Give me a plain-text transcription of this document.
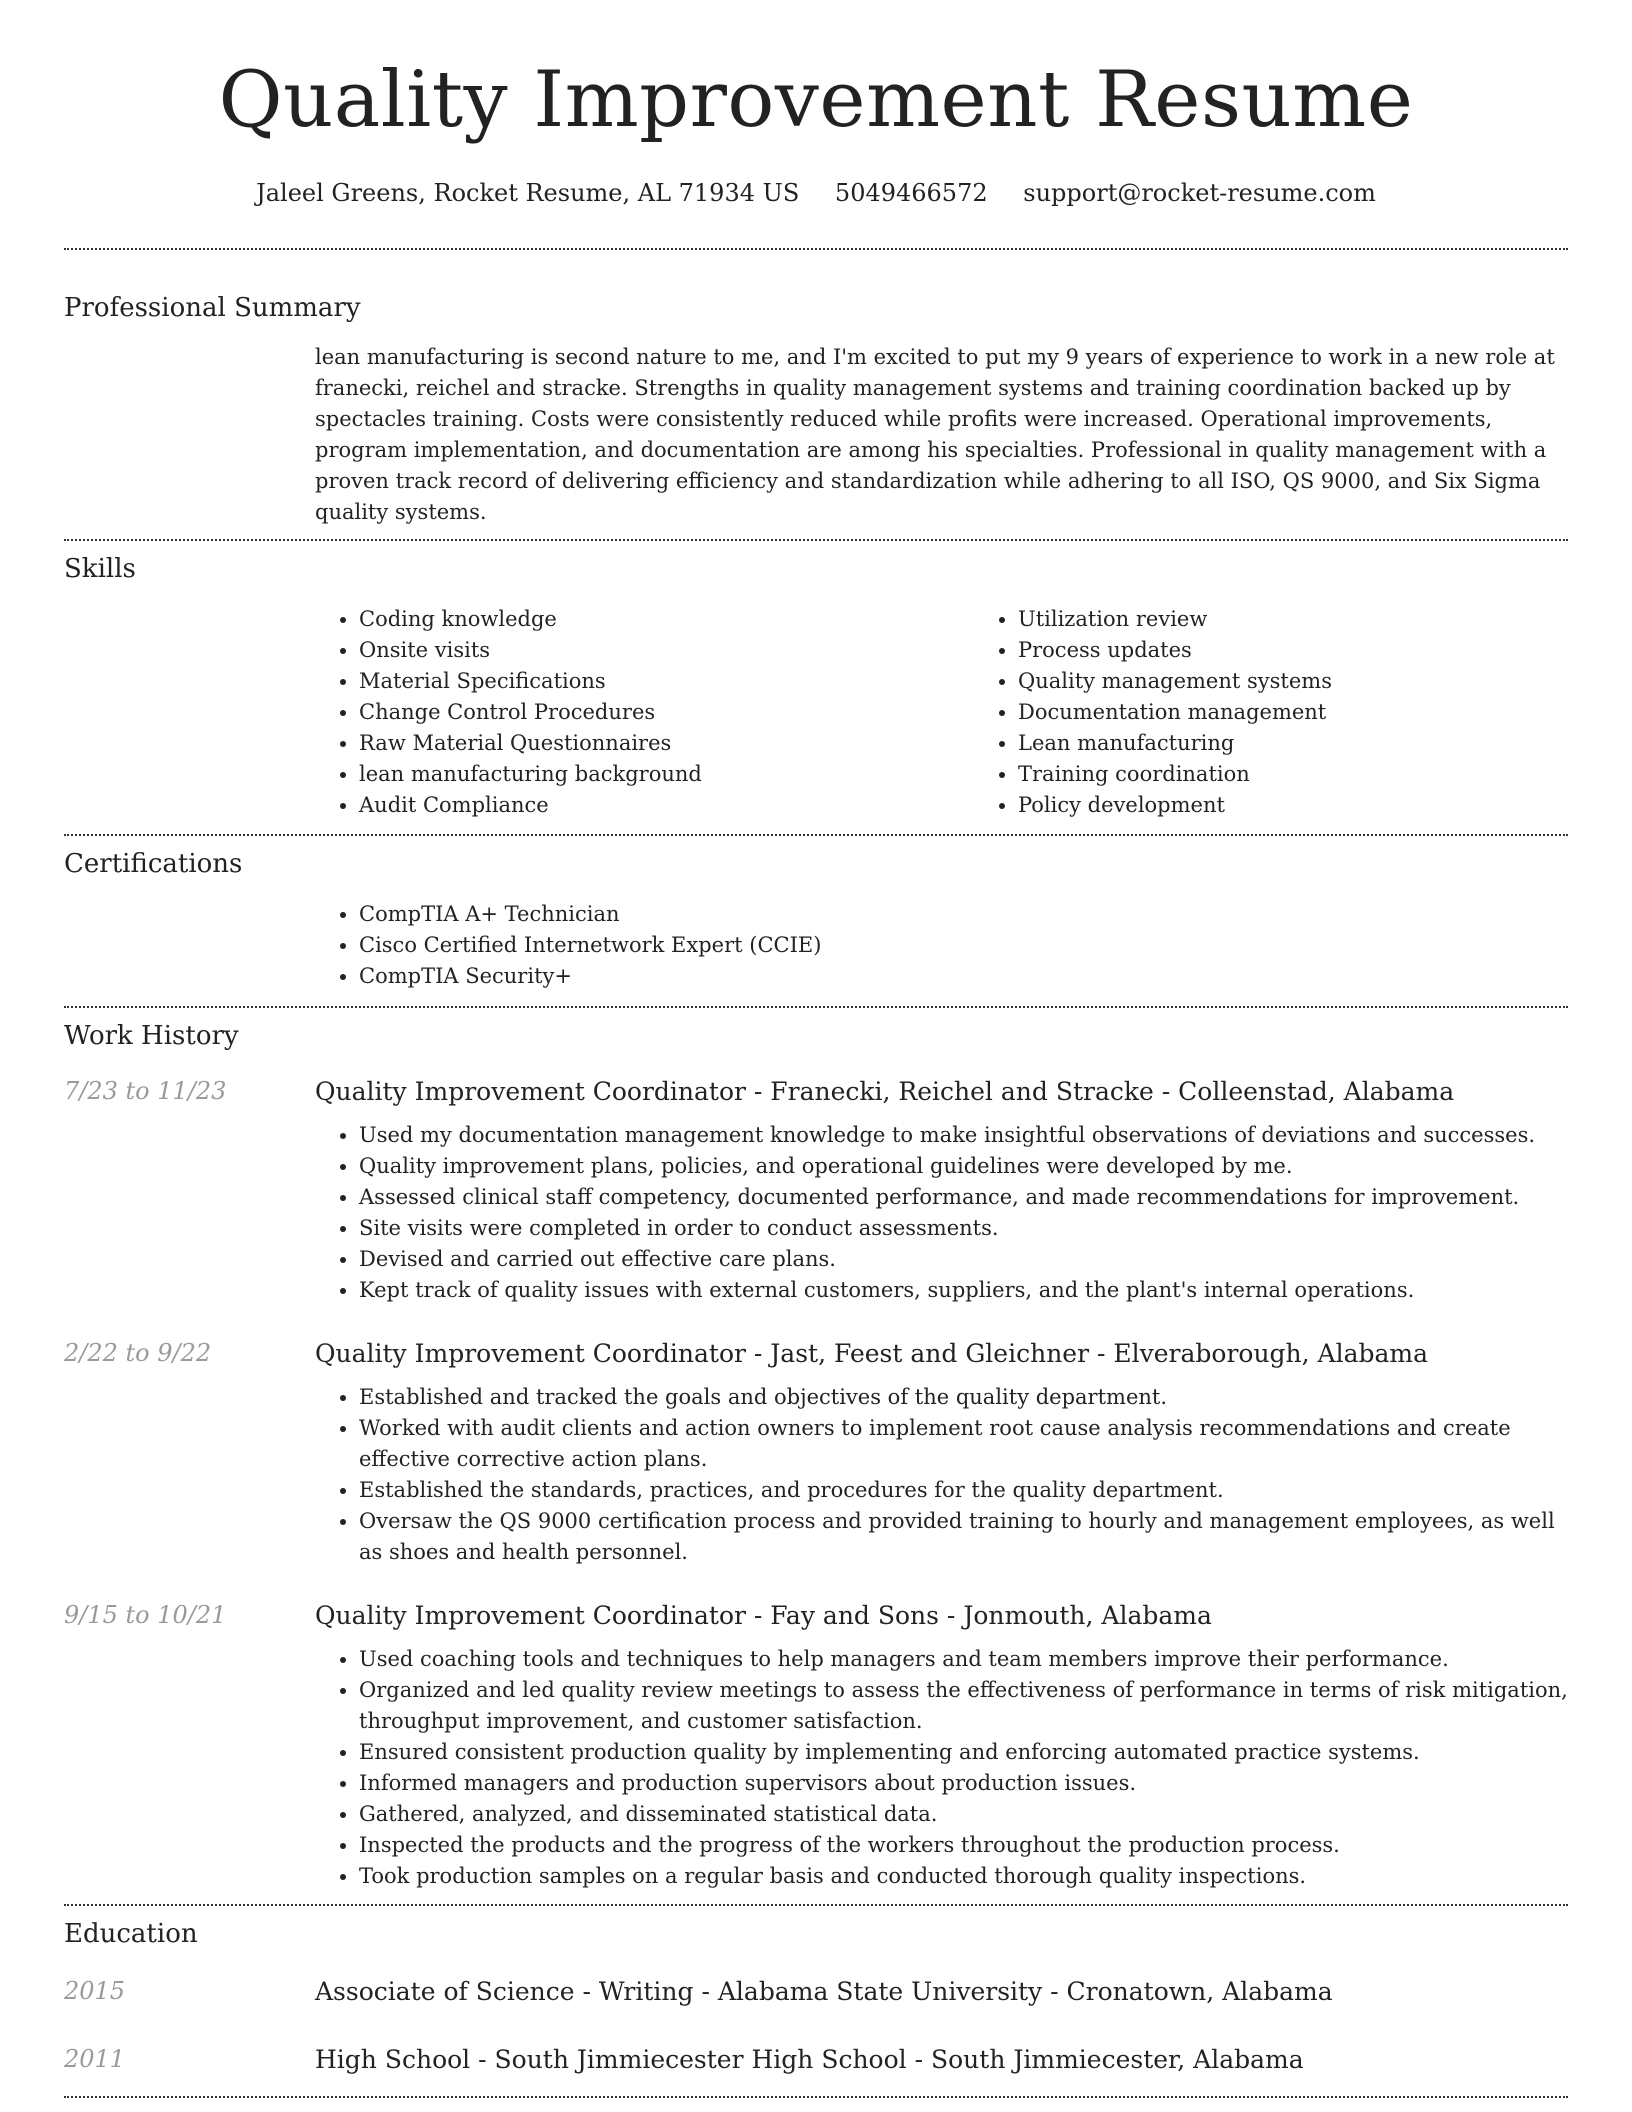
Quality Improvement Resume
Jaleel Greens, Rocket Resume, AL 71934 US 5049466572 support@rocket-resume.com
Professional Summary

lean manufacturing is second nature to me, and I'm excited to put my 9 years of experience to work in a new role at franecki, reichel and stracke. Strengths in quality management systems and training coordination backed up by spectacles training. Costs were consistently reduced while profits were increased. Operational improvements, program implementation, and documentation are among his specialties. Professional in quality management with a proven track record of delivering efficiency and standardization while adhering to all ISO, QS 9000, and Six Sigma quality systems.

Skills
• Coding knowledge
• Onsite visits
• Material Specifications
• Change Control Procedures
• Raw Material Questionnaires
• lean manufacturing background
• Audit Compliance
• Utilization review
• Process updates
• Quality management systems
• Documentation management
• Lean manufacturing
• Training coordination
• Policy development
Certifications
• CompTIA A+ Technician
• Cisco Certified Internetwork Expert (CCIE)
• CompTIA Security+
Work History
7/23 to 11/23	Quality Improvement Coordinator - Franecki, Reichel and Stracke - Colleenstad, Alabama
• Used my documentation management knowledge to make insightful observations of deviations and successes.
• Quality improvement plans, policies, and operational guidelines were developed by me.
• Assessed clinical staff competency, documented performance, and made recommendations for improvement.
• Site visits were completed in order to conduct assessments.
• Devised and carried out effective care plans.
• Kept track of quality issues with external customers, suppliers, and the plant's internal operations.
2/22 to 9/22	Quality Improvement Coordinator - Jast, Feest and Gleichner - Elveraborough, Alabama
• Established and tracked the goals and objectives of the quality department.
• Worked with audit clients and action owners to implement root cause analysis recommendations and create effective corrective action plans.
• Established the standards, practices, and procedures for the quality department.
• Oversaw the QS 9000 certification process and provided training to hourly and management employees, as well as shoes and health personnel.
9/15 to 10/21	Quality Improvement Coordinator - Fay and Sons - Jonmouth, Alabama
• Used coaching tools and techniques to help managers and team members improve their performance.
• Organized and led quality review meetings to assess the effectiveness of performance in terms of risk mitigation, throughput improvement, and customer satisfaction.
• Ensured consistent production quality by implementing and enforcing automated practice systems.
• Informed managers and production supervisors about production issues.
• Gathered, analyzed, and disseminated statistical data.
• Inspected the products and the progress of the workers throughout the production process.
• Took production samples on a regular basis and conducted thorough quality inspections.
Education
2015	Associate of Science - Writing - Alabama State University - Cronatown, Alabama
2011	High School - South Jimmiecester High School - South Jimmiecester, Alabama
